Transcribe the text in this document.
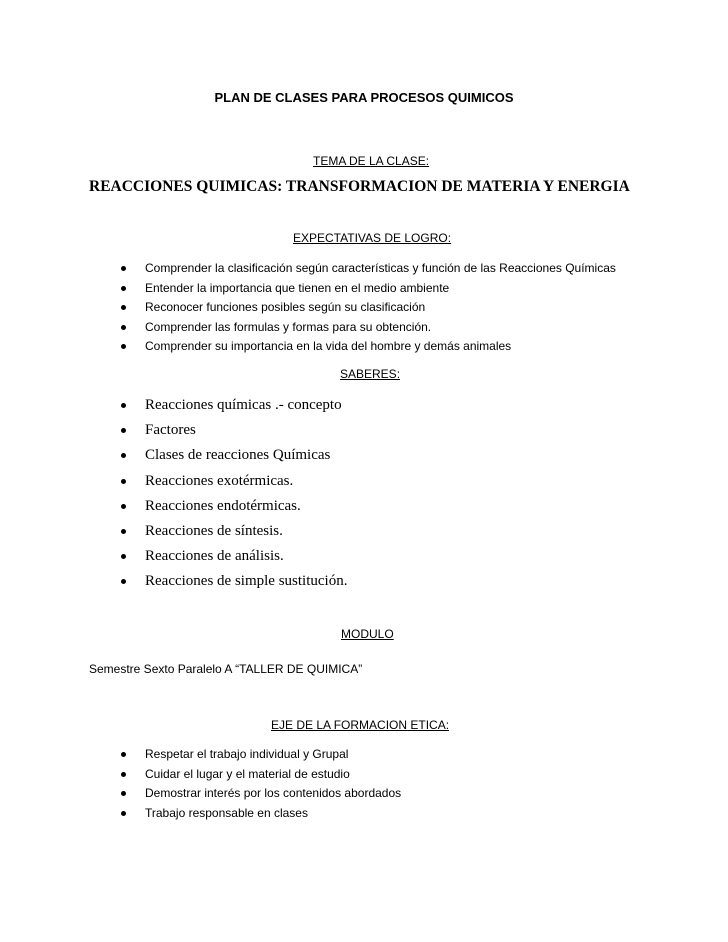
PLAN DE CLASES PARA PROCESOS QUIMICOS
TEMA DE LA CLASE:
REACCIONES QUIMICAS: TRANSFORMACION DE MATERIA Y ENERGIA
EXPECTATIVAS DE LOGRO:
Comprender la clasificación según características y función de las Reacciones Químicas
Entender la importancia que tienen en el medio ambiente
Reconocer funciones posibles según su clasificación
Comprender las formulas y formas para su obtención.
Comprender su importancia en la vida del hombre y demás animales
SABERES:
Reacciones químicas .- concepto
Factores
Clases de reacciones Químicas
Reacciones exotérmicas.
Reacciones endotérmicas.
Reacciones de síntesis.
Reacciones de análisis.
Reacciones de simple sustitución.
MODULO
Semestre Sexto Paralelo A “TALLER DE QUIMICA”
EJE DE LA FORMACION ETICA:
Respetar el trabajo individual y Grupal
Cuidar el lugar y el material de estudio
Demostrar interés por los contenidos abordados
Trabajo responsable en clases
